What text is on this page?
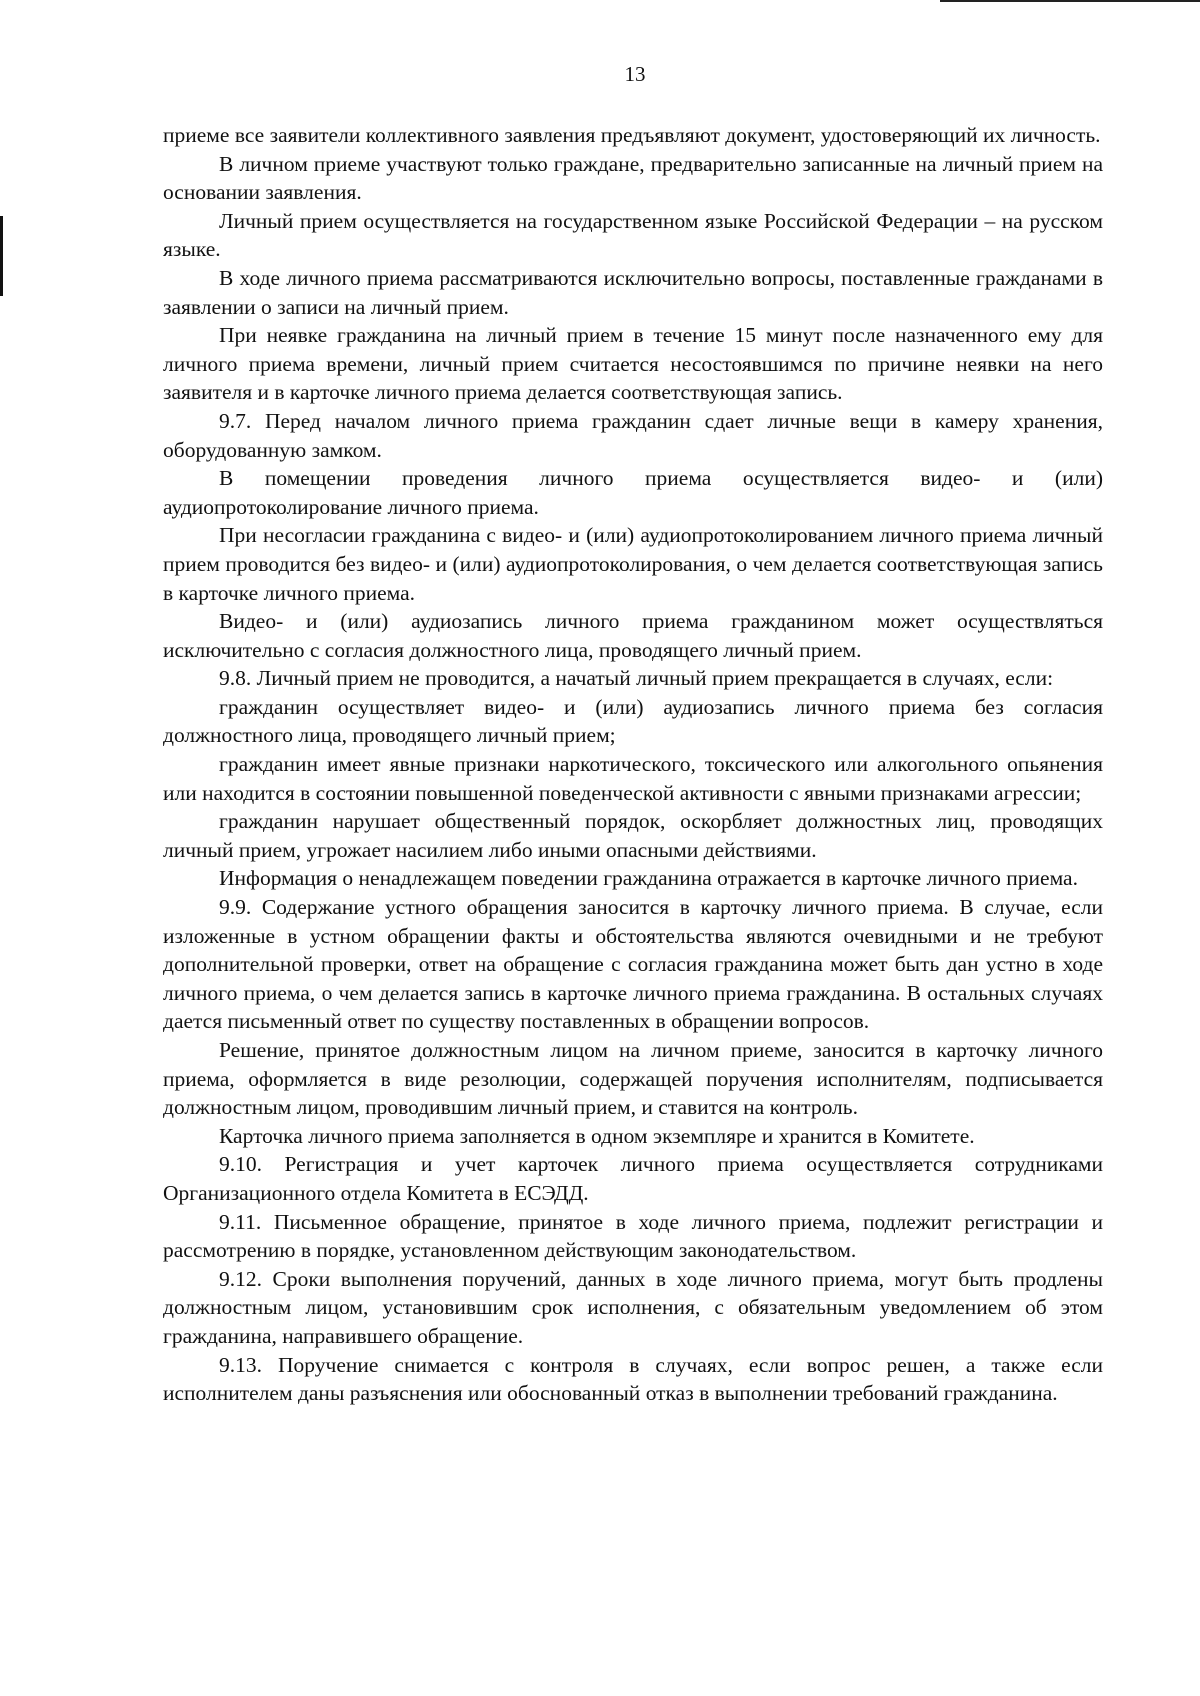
13

приеме все заявители коллективного заявления предъявляют документ, удостоверяющий их личность.

В личном приеме участвуют только граждане, предварительно записанные на личный прием на основании заявления.

Личный прием осуществляется на государственном языке Российской Федерации – на русском языке.

В ходе личного приема рассматриваются исключительно вопросы, поставленные гражданами в заявлении о записи на личный прием.

При неявке гражданина на личный прием в течение 15 минут после назначенного ему для личного приема времени, личный прием считается несостоявшимся по причине неявки на него заявителя и в карточке личного приема делается соответствующая запись.

9.7. Перед началом личного приема гражданин сдает личные вещи в камеру хранения, оборудованную замком.

В помещении проведения личного приема осуществляется видео- и (или) аудиопротоколирование личного приема.

При несогласии гражданина с видео- и (или) аудиопротоколированием личного приема личный прием проводится без видео- и (или) аудиопротоколирования, о чем делается соответствующая запись в карточке личного приема.

Видео- и (или) аудиозапись личного приема гражданином может осуществляться исключительно с согласия должностного лица, проводящего личный прием.

9.8. Личный прием не проводится, а начатый личный прием прекращается в случаях, если:

гражданин осуществляет видео- и (или) аудиозапись личного приема без согласия должностного лица, проводящего личный прием;

гражданин имеет явные признаки наркотического, токсического или алкогольного опьянения или находится в состоянии повышенной поведенческой активности с явными признаками агрессии;

гражданин нарушает общественный порядок, оскорбляет должностных лиц, проводящих личный прием, угрожает насилием либо иными опасными действиями.

Информация о ненадлежащем поведении гражданина отражается в карточке личного приема.

9.9. Содержание устного обращения заносится в карточку личного приема. В случае, если изложенные в устном обращении факты и обстоятельства являются очевидными и не требуют дополнительной проверки, ответ на обращение с согласия гражданина может быть дан устно в ходе личного приема, о чем делается запись в карточке личного приема гражданина. В остальных случаях дается письменный ответ по существу поставленных в обращении вопросов.

Решение, принятое должностным лицом на личном приеме, заносится в карточку личного приема, оформляется в виде резолюции, содержащей поручения исполнителям, подписывается должностным лицом, проводившим личный прием, и ставится на контроль.

Карточка личного приема заполняется в одном экземпляре и хранится в Комитете.

9.10. Регистрация и учет карточек личного приема осуществляется сотрудниками Организационного отдела Комитета в ЕСЭДД.

9.11. Письменное обращение, принятое в ходе личного приема, подлежит регистрации и рассмотрению в порядке, установленном действующим законодательством.

9.12. Сроки выполнения поручений, данных в ходе личного приема, могут быть продлены должностным лицом, установившим срок исполнения, с обязательным уведомлением об этом гражданина, направившего обращение.

9.13. Поручение снимается с контроля в случаях, если вопрос решен, а также если исполнителем даны разъяснения или обоснованный отказ в выполнении требований гражданина.
